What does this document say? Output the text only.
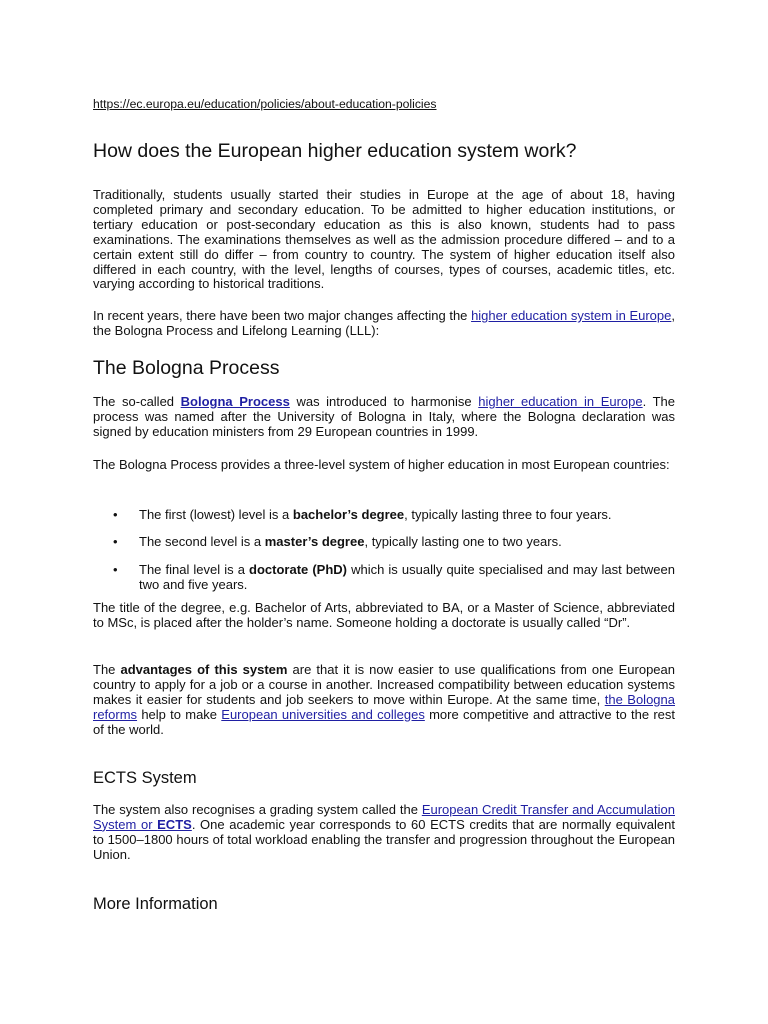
https://ec.europa.eu/education/policies/about-education-policies
How does the European higher education system work?

Traditionally, students usually started their studies in Europe at the age of about 18, having completed primary and secondary education. To be admitted to higher education institutions, or tertiary education or post-secondary education as this is also known, students had to pass examinations. The examinations themselves as well as the admission procedure differed – and to a certain extent still do differ – from country to country. The system of higher education itself also differed in each country, with the level, lengths of courses, types of courses, academic titles, etc. varying according to historical traditions.

In recent years, there have been two major changes affecting the higher education system in Europe, the Bologna Process and Lifelong Learning (LLL):

The Bologna Process

The so-called Bologna Process was introduced to harmonise higher education in Europe. The process was named after the University of Bologna in Italy, where the Bologna declaration was signed by education ministers from 29 European countries in 1999.

The Bologna Process provides a three-level system of higher education in most European countries:

• The first (lowest) level is a bachelor’s degree, typically lasting three to four years.
• The second level is a master’s degree, typically lasting one to two years.
• The final level is a doctorate (PhD) which is usually quite specialised and may last between two and five years.

The title of the degree, e.g. Bachelor of Arts, abbreviated to BA, or a Master of Science, abbreviated to MSc, is placed after the holder’s name. Someone holding a doctorate is usually called “Dr”.

The advantages of this system are that it is now easier to use qualifications from one European country to apply for a job or a course in another. Increased compatibility between education systems makes it easier for students and job seekers to move within Europe. At the same time, the Bologna reforms help to make European universities and colleges more competitive and attractive to the rest of the world.

ECTS System

The system also recognises a grading system called the European Credit Transfer and Accumulation System or ECTS. One academic year corresponds to 60 ECTS credits that are normally equivalent to 1500–1800 hours of total workload enabling the transfer and progression throughout the European Union.

More Information
